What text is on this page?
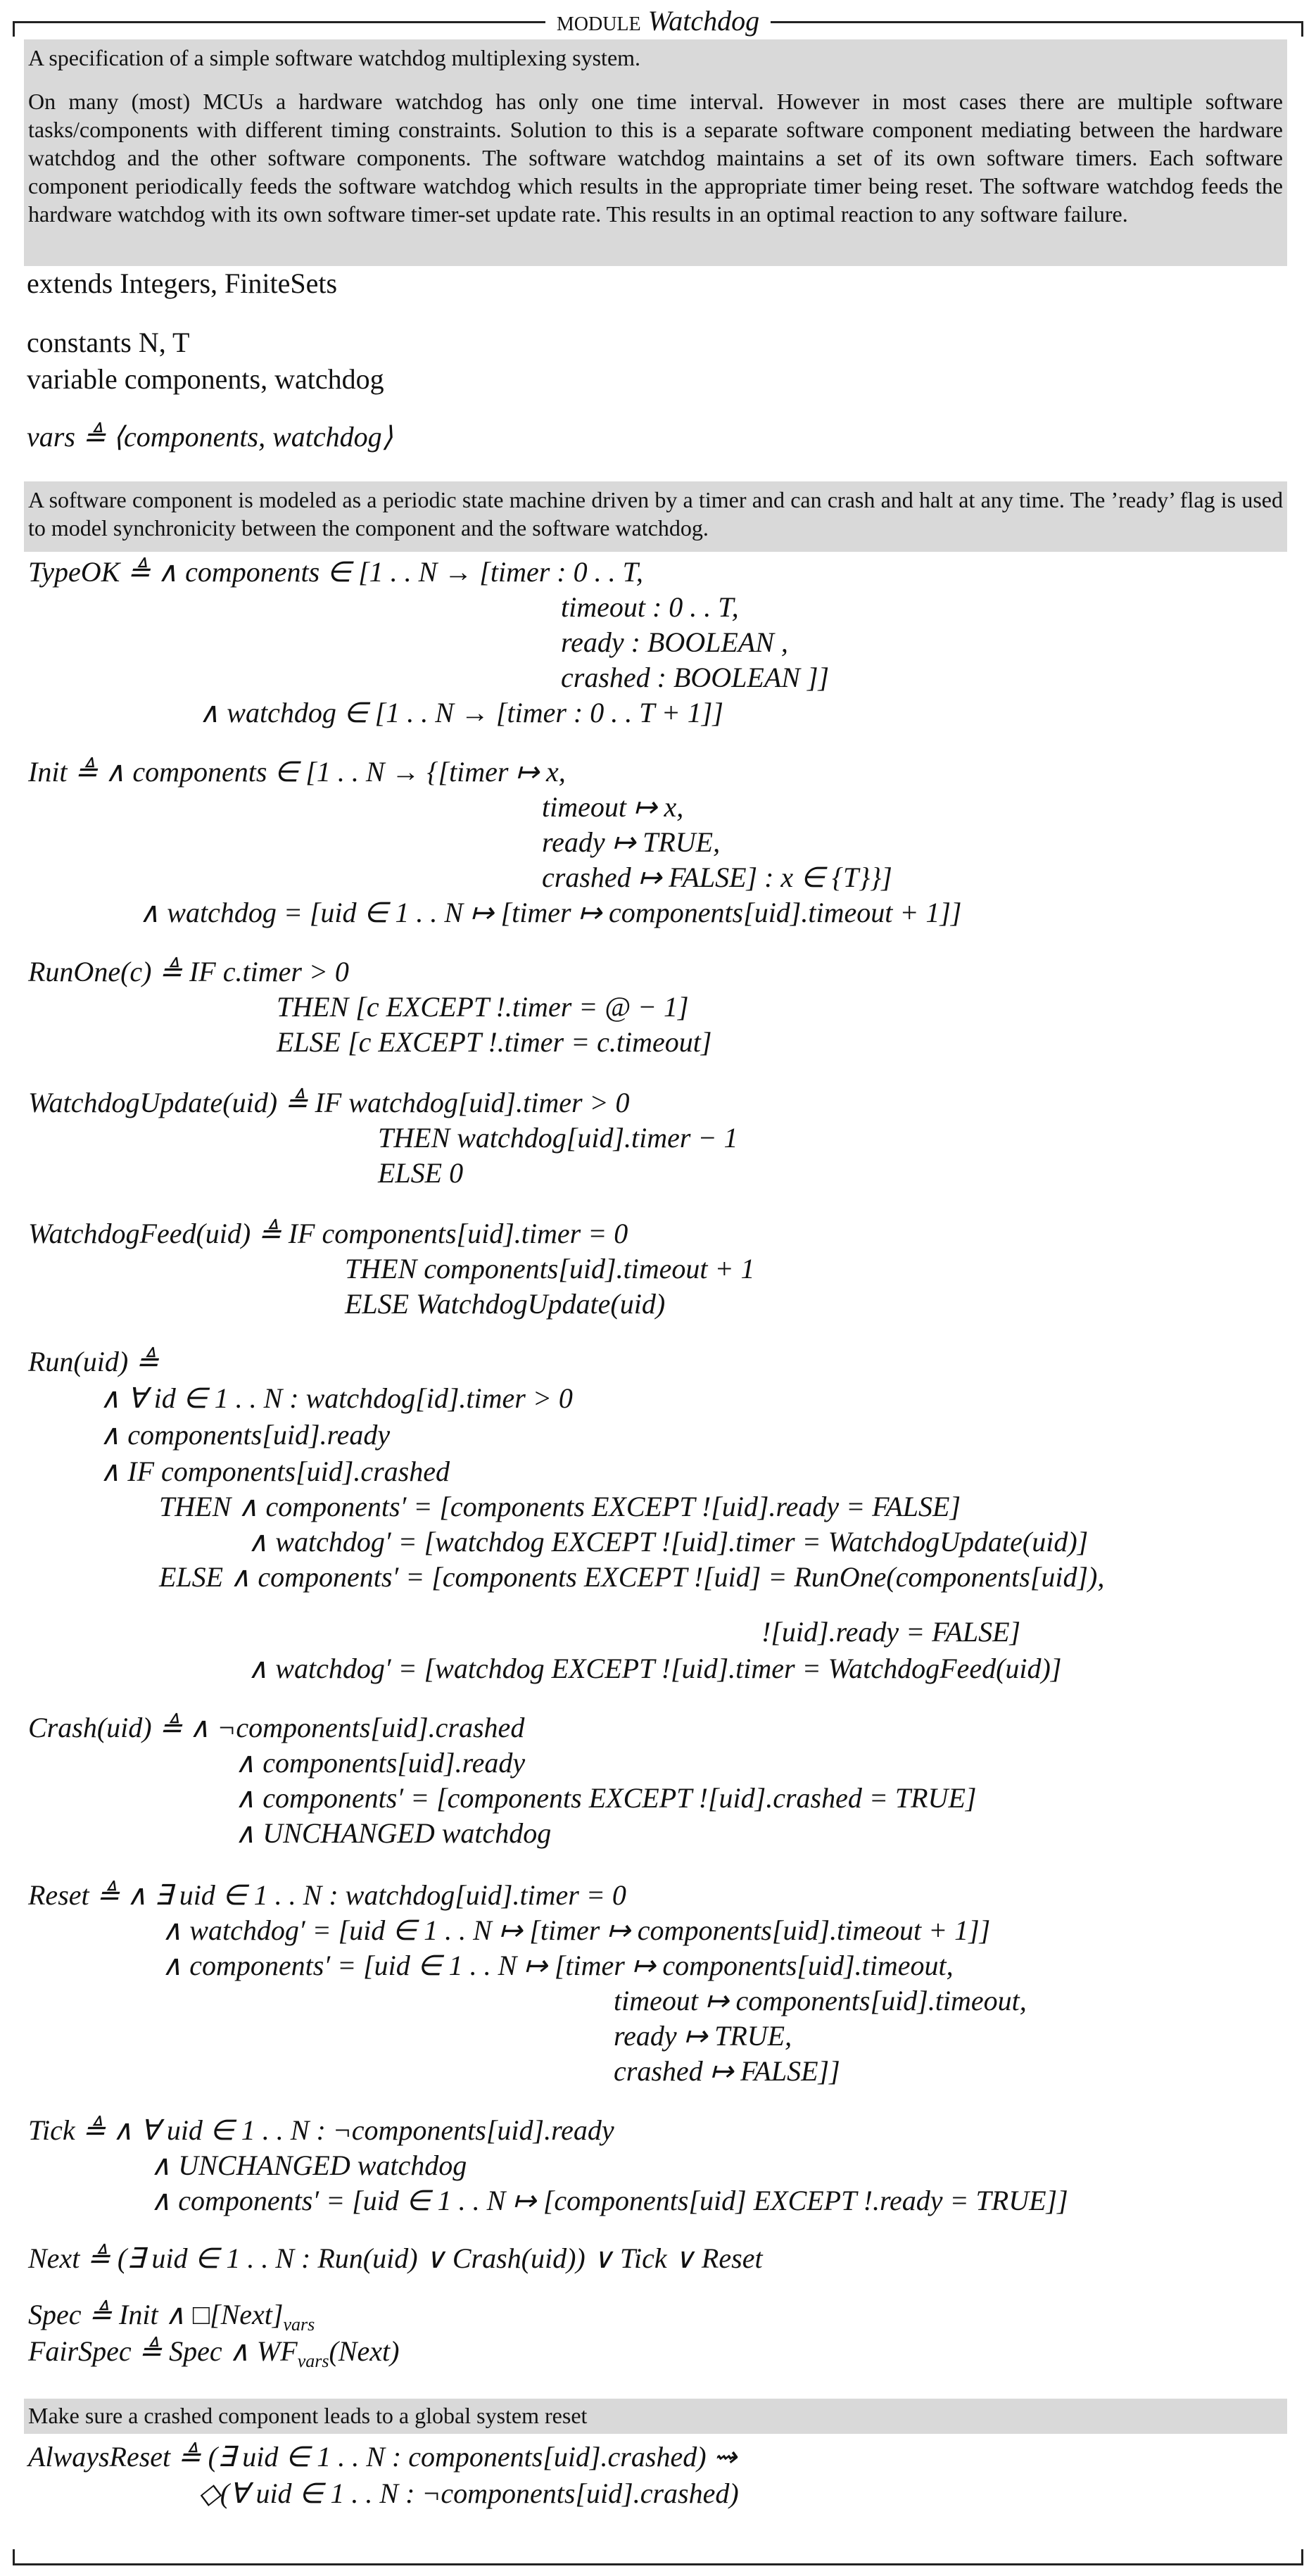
module Watchdog

A specification of a simple software watchdog multiplexing system.

On many (most) MCUs a hardware watchdog has only one time interval. However in most cases there are multiple software tasks/components with different timing constraints. Solution to this is a separate software component mediating between the hardware watchdog and the other software components. The software watchdog maintains a set of its own software timers. Each software component periodically feeds the software watchdog which results in the appropriate timer being reset. The software watchdog feeds the hardware watchdog with its own software timer-set update rate. This results in an optimal reaction to any software failure.

extends Integers, FiniteSets
constants N, T
variable components, watchdog
vars ≜ ⟨components, watchdog⟩

A software component is modeled as a periodic state machine driven by a timer and can crash and halt at any time. The ’ready’ flag is used to model synchronicity between the component and the software watchdog.

TypeOK ≜ ∧ components ∈ [1 . . N → [timer : 0 . . T,
timeout : 0 . . T,
ready : BOOLEAN ,
crashed : BOOLEAN ]]
∧ watchdog ∈ [1 . . N → [timer : 0 . . T + 1]]
Init ≜ ∧ components ∈ [1 . . N → {[timer ↦ x,
timeout ↦ x,
ready ↦ TRUE,
crashed ↦ FALSE] : x ∈ {T}}]
∧ watchdog = [uid ∈ 1 . . N ↦ [timer ↦ components[uid].timeout + 1]]
RunOne(c) ≜ IF c.timer > 0
THEN [c EXCEPT !.timer = @ − 1]
ELSE [c EXCEPT !.timer = c.timeout]
WatchdogUpdate(uid) ≜ IF watchdog[uid].timer > 0
THEN watchdog[uid].timer − 1
ELSE 0
WatchdogFeed(uid) ≜ IF components[uid].timer = 0
THEN components[uid].timeout + 1
ELSE WatchdogUpdate(uid)
Run(uid) ≜
∧ ∀ id ∈ 1 . . N : watchdog[id].timer > 0
∧ components[uid].ready
∧ IF components[uid].crashed
THEN ∧ components′ = [components EXCEPT ![uid].ready = FALSE]
∧ watchdog′ = [watchdog EXCEPT ![uid].timer = WatchdogUpdate(uid)]
ELSE ∧ components′ = [components EXCEPT ![uid] = RunOne(components[uid]),
![uid].ready = FALSE]
∧ watchdog′ = [watchdog EXCEPT ![uid].timer = WatchdogFeed(uid)]
Crash(uid) ≜ ∧ ¬components[uid].crashed
∧ components[uid].ready
∧ components′ = [components EXCEPT ![uid].crashed = TRUE]
∧ UNCHANGED watchdog
Reset ≜ ∧ ∃ uid ∈ 1 . . N : watchdog[uid].timer = 0
∧ watchdog′ = [uid ∈ 1 . . N ↦ [timer ↦ components[uid].timeout + 1]]
∧ components′ = [uid ∈ 1 . . N ↦ [timer ↦ components[uid].timeout,
timeout ↦ components[uid].timeout,
ready ↦ TRUE,
crashed ↦ FALSE]]
Tick ≜ ∧ ∀ uid ∈ 1 . . N : ¬components[uid].ready
∧ UNCHANGED watchdog
∧ components′ = [uid ∈ 1 . . N ↦ [components[uid] EXCEPT !.ready = TRUE]]
Next ≜ (∃ uid ∈ 1 . . N : Run(uid) ∨ Crash(uid)) ∨ Tick ∨ Reset
Spec ≜ Init ∧ $□[Next]_{vars}$
FairSpec ≜ Spec ∧ $WF_{vars}(Next)$

Make sure a crashed component leads to a global system reset

AlwaysReset ≜ (∃ uid ∈ 1 . . N : components[uid].crashed) ⇝
◇(∀ uid ∈ 1 . . N : ¬components[uid].crashed)
